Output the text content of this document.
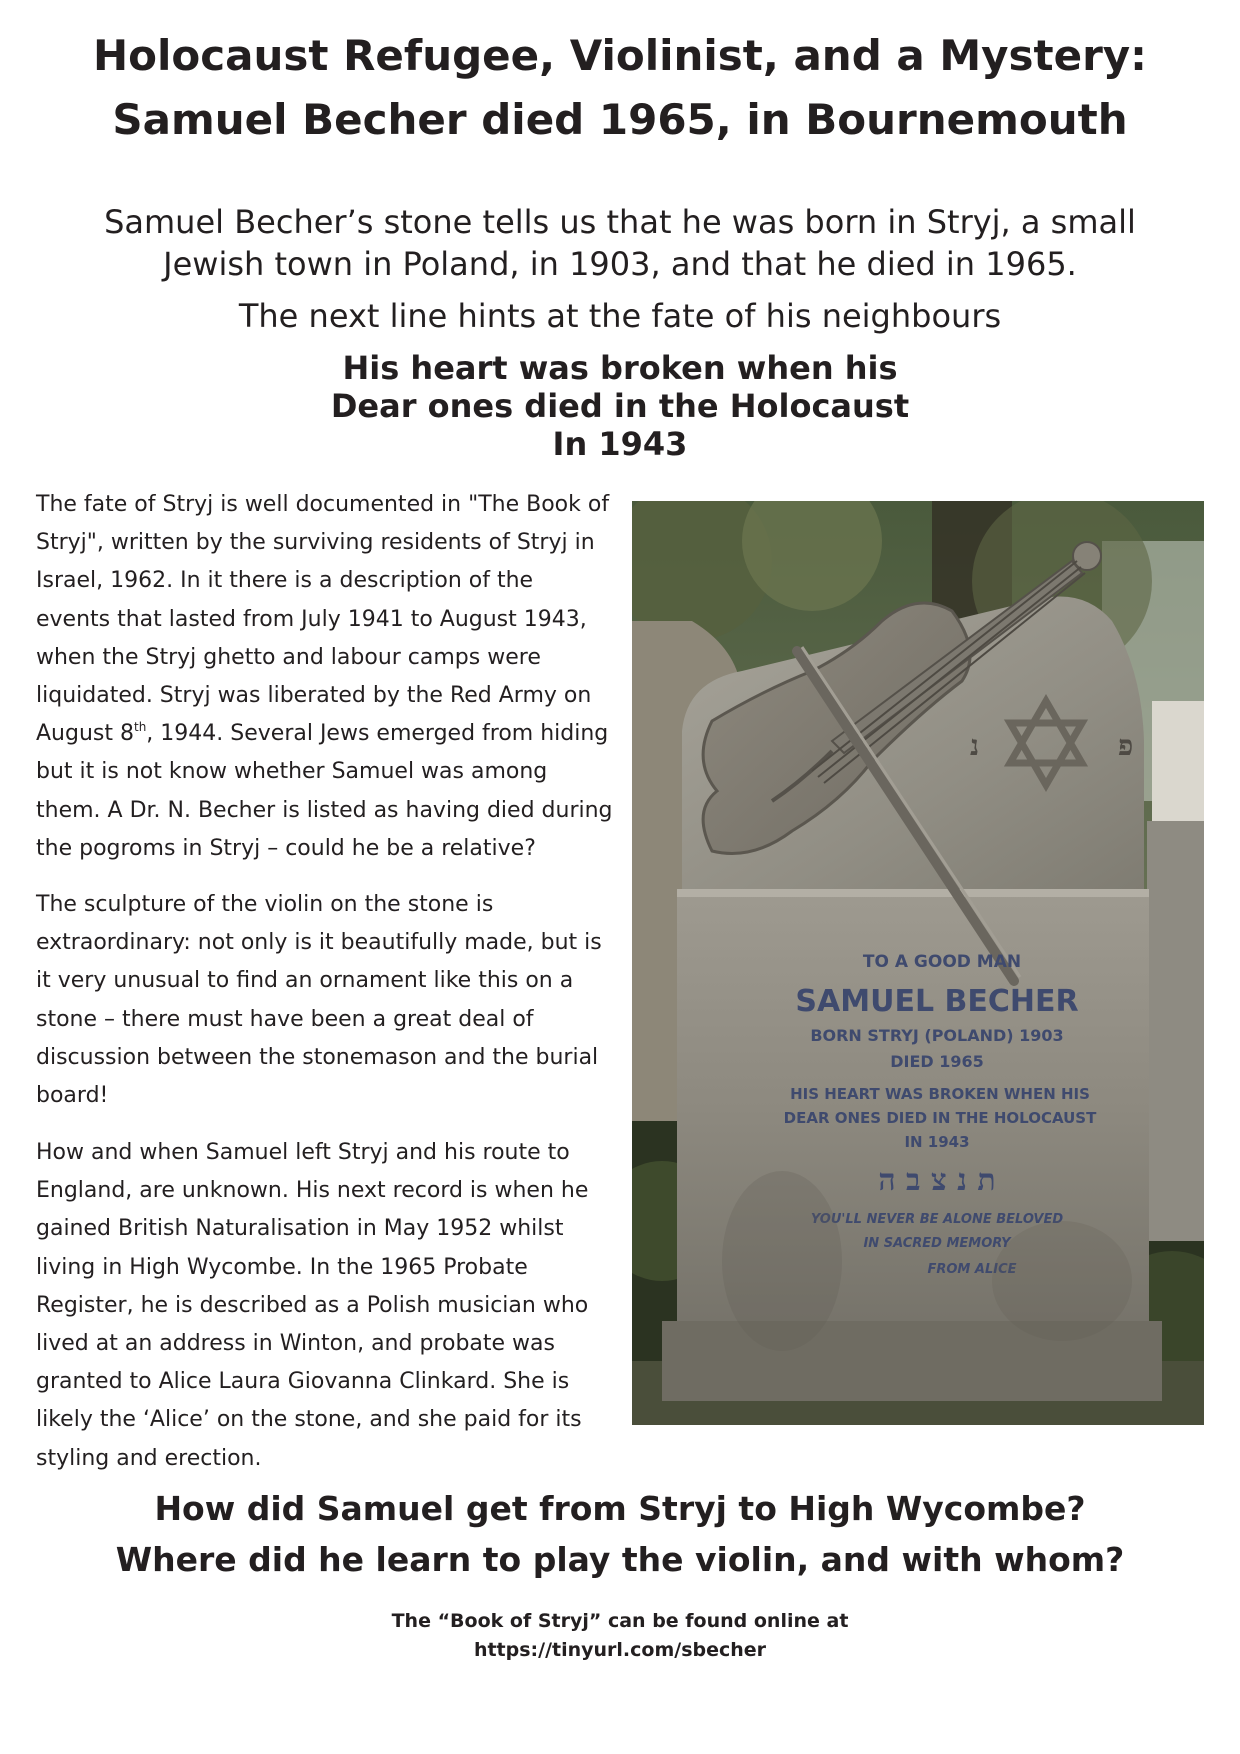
Holocaust Refugee, Violinist, and a Mystery:
Samuel Becher died 1965, in Bournemouth
Samuel Becher’s stone tells us that he was born in Stryj, a small
Jewish town in Poland, in 1903, and that he died in 1965.
The next line hints at the fate of his neighbours
His heart was broken when his
Dear ones died in the Holocaust
In 1943
The fate of Stryj is well documented in "The Book of
Stryj", written by the surviving residents of Stryj in
Israel, 1962. In it there is a description of the
events that lasted from July 1941 to August 1943,
when the Stryj ghetto and labour camps were
liquidated. Stryj was liberated by the Red Army on
August 8th, 1944. Several Jews emerged from hiding
but it is not know whether Samuel was among
them. A Dr. N. Becher is listed as having died during
the pogroms in Stryj – could he be a relative?
The sculpture of the violin on the stone is
extraordinary: not only is it beautifully made, but is
it very unusual to find an ornament like this on a
stone – there must have been a great deal of
discussion between the stonemason and the burial
board!
How and when Samuel left Stryj and his route to
England, are unknown. His next record is when he
gained British Naturalisation in May 1952 whilst
living in High Wycombe. In the 1965 Probate
Register, he is described as a Polish musician who
lived at an address in Winton, and probate was
granted to Alice Laura Giovanna Clinkard. She is
likely the ‘Alice’ on the stone, and she paid for its
styling and erection.
נ	פ
TO A GOOD MAN
SAMUEL BECHER
BORN STRYJ (POLAND) 1903
DIED 1965
HIS HEART WAS BROKEN WHEN HIS
DEAR ONES DIED IN THE HOLOCAUST
IN 1943
ת נ צ ב ה
YOU'LL NEVER BE ALONE BELOVED
IN SACRED MEMORY
FROM ALICE
How did Samuel get from Stryj to High Wycombe?
Where did he learn to play the violin, and with whom?
The “Book of Stryj” can be found online at
https://tinyurl.com/sbecher
